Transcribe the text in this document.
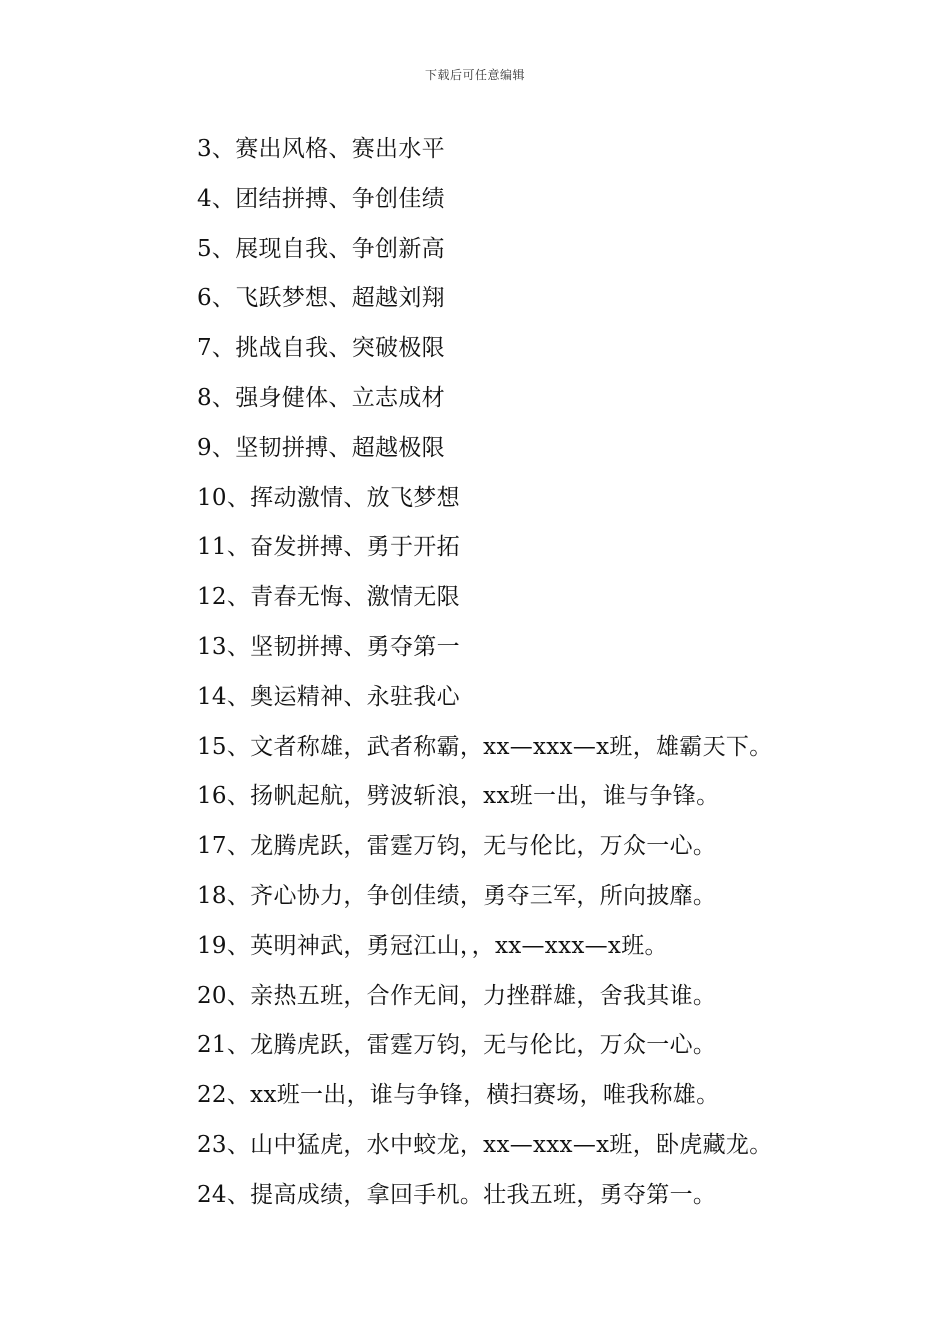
下载后可任意编辑
3、赛出风格、赛出水平
4、团结拼搏、争创佳绩
5、展现自我、争创新高
6、飞跃梦想、超越刘翔
7、挑战自我、突破极限
8、强身健体、立志成材
9、坚韧拼搏、超越极限
10、挥动激情、放飞梦想
11、奋发拼搏、勇于开拓
12、青春无悔、激情无限
13、坚韧拼搏、勇夺第一
14、奥运精神、永驻我心
15、文者称雄，武者称霸，xx—xxx—x班，雄霸天下。
16、扬帆起航，劈波斩浪，xx班一出，谁与争锋。
17、龙腾虎跃，雷霆万钧，无与伦比，万众一心。
18、齐心协力，争创佳绩，勇夺三军，所向披靡。
19、英明神武，勇冠江山，，xx—xxx—x班。
20、亲热五班，合作无间，力挫群雄，舍我其谁。
21、龙腾虎跃，雷霆万钧，无与伦比，万众一心。
22、xx班一出，谁与争锋，横扫赛场，唯我称雄。
23、山中猛虎，水中蛟龙，xx—xxx—x班，卧虎藏龙。
24、提高成绩，拿回手机。壮我五班，勇夺第一。
